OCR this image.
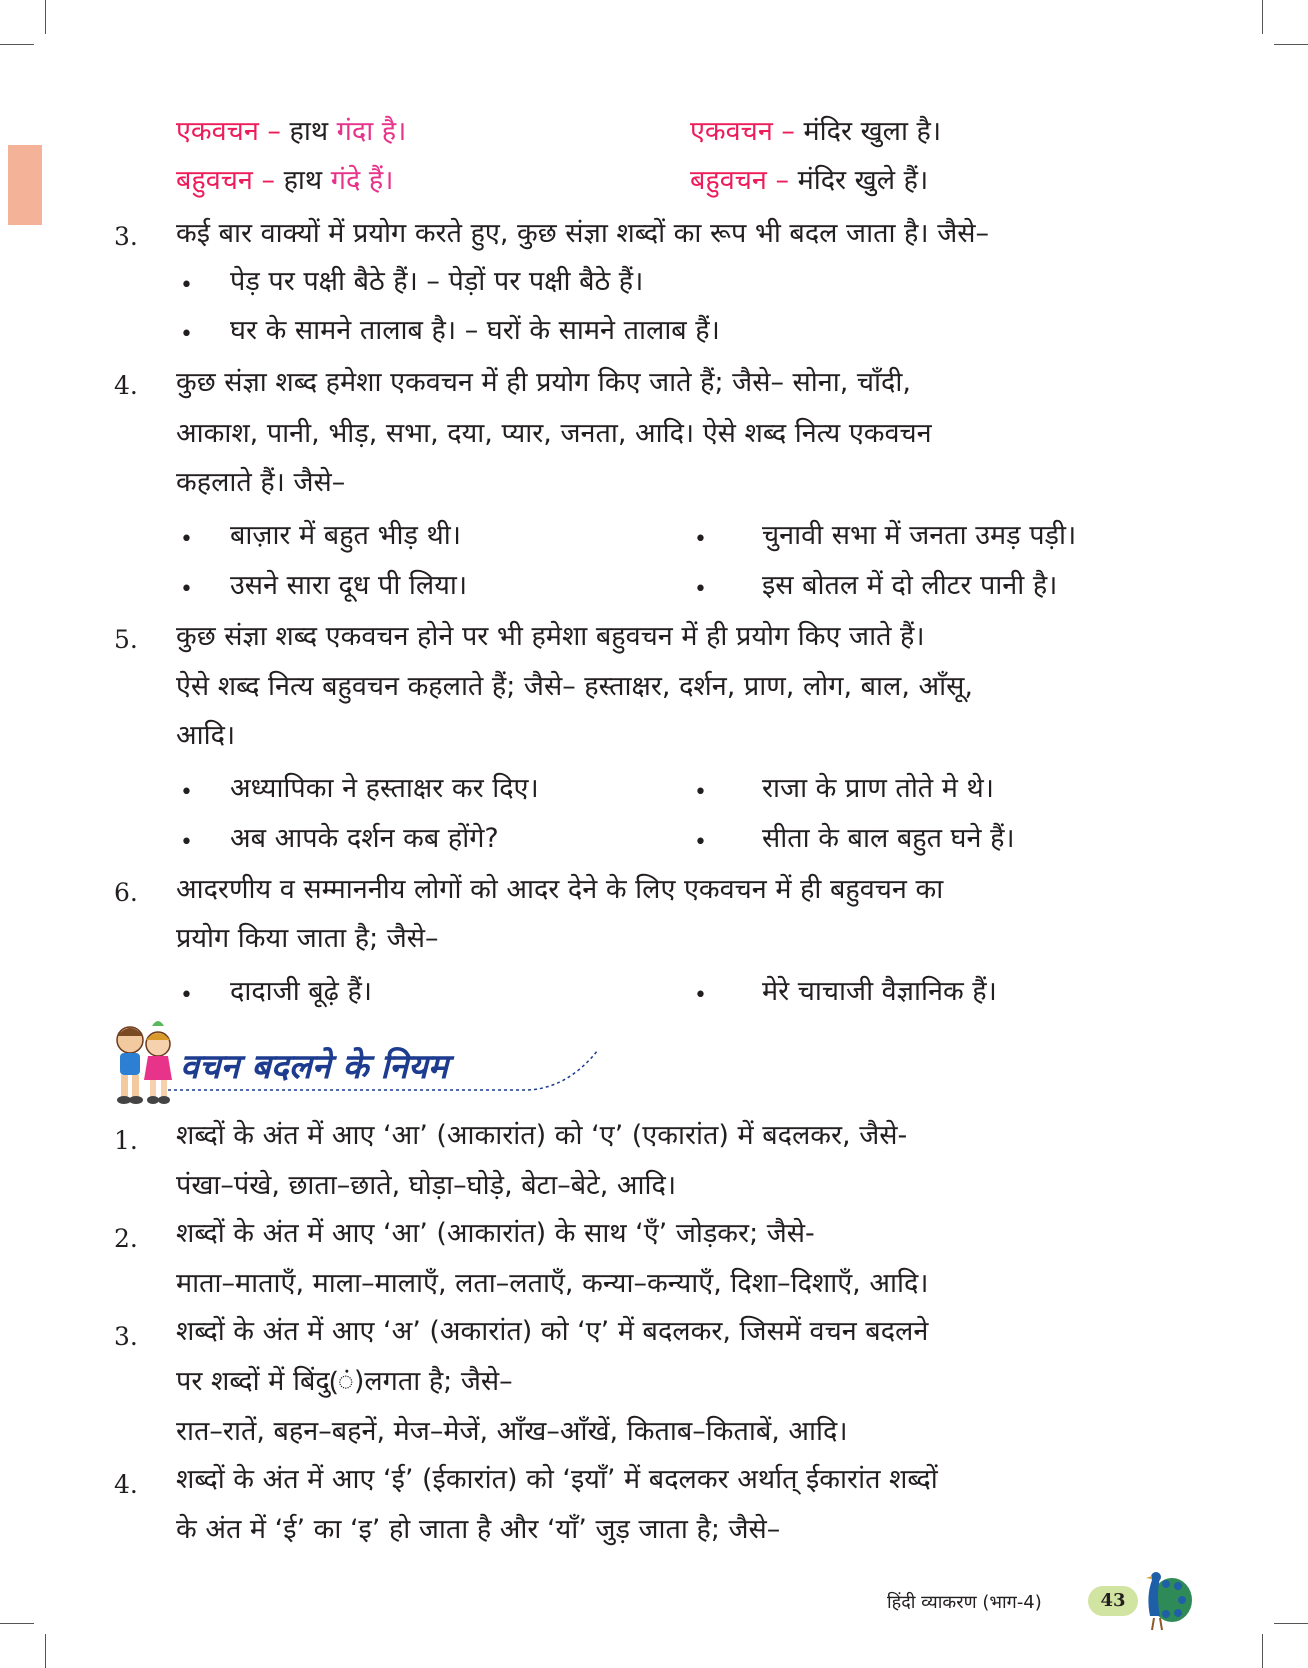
एकवचन – हाथ गंदा है।	एकवचन – मंदिर खुला है।
बहुवचन – हाथ गंदे हैं।	बहुवचन – मंदिर खुले हैं।
3. कई बार वाक्यों में प्रयोग करते हुए, कुछ संज्ञा शब्दों का रूप भी बदल जाता है। जैसे–
• पेड़ पर पक्षी बैठे हैं। – पेड़ों पर पक्षी बैठे हैं।
• घर के सामने तालाब है। – घरों के सामने तालाब हैं।
4. कुछ संज्ञा शब्द हमेशा एकवचन में ही प्रयोग किए जाते हैं; जैसे– सोना, चाँदी,
आकाश, पानी, भीड़, सभा, दया, प्यार, जनता, आदि। ऐसे शब्द नित्य एकवचन
कहलाते हैं। जैसे–
• बाज़ार में बहुत भीड़ थी।	• चुनावी सभा में जनता उमड़ पड़ी।
• उसने सारा दूध पी लिया।	• इस बोतल में दो लीटर पानी है।
5. कुछ संज्ञा शब्द एकवचन होने पर भी हमेशा बहुवचन में ही प्रयोग किए जाते हैं।
ऐसे शब्द नित्य बहुवचन कहलाते हैं; जैसे– हस्ताक्षर, दर्शन, प्राण, लोग, बाल, आँसू,
आदि।
• अध्यापिका ने हस्ताक्षर कर दिए।	• राजा के प्राण तोते मे थे।
• अब आपके दर्शन कब होंगे?	• सीता के बाल बहुत घने हैं।
6. आदरणीय व सम्माननीय लोगों को आदर देने के लिए एकवचन में ही बहुवचन का
प्रयोग किया जाता है; जैसे–
• दादाजी बूढ़े हैं।	• मेरे चाचाजी वैज्ञानिक हैं।
वचन बदलने के नियम
1. शब्दों के अंत में आए ‘आ’ (आकारांत) को ‘ए’ (एकारांत) में बदलकर, जैसे-
पंखा–पंखे, छाता–छाते, घोड़ा–घोड़े, बेटा–बेटे, आदि।
2. शब्दों के अंत में आए ‘आ’ (आकारांत) के साथ ‘एँ’ जोड़कर; जैसे-
माता–माताएँ, माला–मालाएँ, लता–लताएँ, कन्या–कन्याएँ, दिशा–दिशाएँ, आदि।
3. शब्दों के अंत में आए ‘अ’ (अकारांत) को ‘ए’ में बदलकर, जिसमें वचन बदलने
पर शब्दों में बिंदु(ं)लगता है; जैसे–
रात–रातें, बहन–बहनें, मेज–मेजें, आँख–आँखें, किताब–किताबें, आदि।
4. शब्दों के अंत में आए ‘ई’ (ईकारांत) को ‘इयाँ’ में बदलकर अर्थात् ईकारांत शब्दों
के अंत में ‘ई’ का ‘इ’ हो जाता है और ‘याँ’ जुड़ जाता है; जैसे–
हिंदी व्याकरण (भाग-4)	43
